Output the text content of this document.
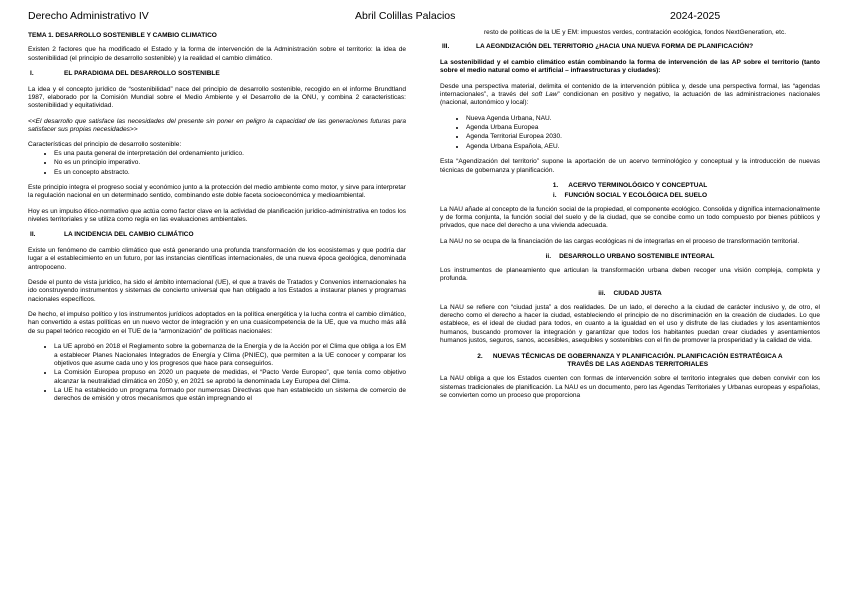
Derecho Administrativo IV	Abril Colillas Palacios	2024-2025
TEMA 1. DESARROLLO SOSTENIBLE Y CAMBIO CLIMATICO

Existen 2 factores que ha modificado el Estado y la forma de intervención de la Administración sobre el territorio: la idea de sostenibilidad (el principio de desarrollo sostenible) y la realidad el cambio climático.

I.	EL PARADIGMA DEL DESARROLLO SOSTENIBLE

La idea y el concepto jurídico de “sostenibilidad” nace del principio de desarrollo sostenible, recogido en el informe Brundtland 1987, elaborado por la Comisión Mundial sobre el Medio Ambiente y el Desarrollo de la ONU, y combina 2 caracteristicas: sostenibilidad y equitatividad.

<<El desarrollo que satisface las necesidades del presente sin poner en peligro la capacidad de las generaciones futuras para satisfacer sus propias necesidades>>

Características del principio de desarrollo sostenible:
• Es una pauta general de interpretación del ordenamiento jurídico.
• No es un principio imperativo.
• Es un concepto abstracto.

Este principio integra el progreso social y económico junto a la protección del medio ambiente como motor, y sirve para interpretar la regulación nacional en un determinado sentido, combinando este doble faceta socioeconómica y medioambiental.

Hoy es un impulso ético-normativo que actúa como factor clave en la actividad de planificación jurídico-administrativa en todos los niveles territoriales y se utiliza como regla en las evaluaciones ambientales.

II.	LA INCIDENCIA DEL CAMBIO CLIMÁTICO

Existe un fenómeno de cambio climático que está generando una profunda transformación de los ecosistemas y que podría dar lugar a el establecimiento en un futuro, por las instancias científicas internacionales, de una nueva época geológica, denominada antropoceno.

Desde el punto de vista jurídico, ha sido el ámbito internacional (UE), el que a través de Tratados y Convenios internacionales ha ido construyendo instrumentos y sistemas de concierto universal que han obligado a los Estados a instaurar planes y programas nacionales específicos.

De hecho, el impulso político y los instrumentos jurídicos adoptados en la política energética y la lucha contra el cambio climático, han convertido a estas políticas en un nuevo vector de integración y en una cuasicompetencia de la UE, que va mucho más allá de su papel teórico recogido en el TUE de la “armonización” de políticas nacionales:

• La UE aprobó en 2018 el Reglamento sobre la gobernanza de la Energía y de la Acción por el Clima que obliga a los EM a establecer Planes Nacionales Integrados de Energía y Clima (PNIEC), que permiten a la UE conocer y comparar los objetivos que asume cada uno y los progresos que hace para conseguirlos.
• La Comisión Europea propuso en 2020 un paquete de medidas, el “Pacto Verde Europeo”, que tenía como objetivo alcanzar la neutralidad climática en 2050 y, en 2021 se aprobó la denominada Ley Europea del Clima.
• La UE ha establecido un programa formado por numerosas Directivas que han establecido un sistema de comercio de derechos de emisión y otros mecanismos que están impregnando el
resto de políticas de la UE y EM: impuestos verdes, contratación ecológica, fondos NextGeneration, etc.
III.	LA AEGNDIZACIÓN DEL TERRITORIO ¿HACIA UNA NUEVA FORMA DE PLANIFICACIÓN?

La sostenibilidad y el cambio climático están combinando la forma de intervención de las AP sobre el territorio (tanto sobre el medio natural como el artificial – infraestructuras y ciudades):

Desde una perspectiva material, delimita el contenido de la intervención pública y, desde una perspectiva formal, las “agendas internacionales”, a través del soft Law” condicionan en positivo y negativo, la actuación de las administraciones nacionales (nacional, autonómico y local):

• Nueva Agenda Urbana, NAU.
• Agenda Urbana Europea
• Agenda Territorial Europea 2030.
• Agenda Urbana Española, AEU.

Esta “Agendización del territorio” supone la aportación de un acervo terminológico y conceptual y la introducción de nuevas técnicas de gobernanza y planificación.

1. ACERVO TERMINOLÓGICO Y CONCEPTUAL
i. FUNCIÓN SOCIAL Y ECOLÓGICA DEL SUELO

La NAU añade al concepto de la función social de la propiedad, el componente ecológico. Consolida y dignifica internacionalmente y de forma conjunta, la función social del suelo y de la ciudad, que se concibe como un todo compuesto por bienes públicos y privados, que nace del derecho a una vivienda adecuada.

La NAU no se ocupa de la financiación de las cargas ecológicas ni de integrarlas en el proceso de transformación territorial.

ii. DESARROLLO URBANO SOSTENIBLE INTEGRAL

Los instrumentos de planeamiento que articulan la transformación urbana deben recoger una visión compleja, completa y profunda.

iii. CIUDAD JUSTA

La NAU se refiere con “ciudad justa” a dos realidades. De un lado, el derecho a la ciudad de carácter inclusivo y, de otro, el derecho como el derecho a hacer la ciudad, estableciendo el principio de no discriminación en la creación de ciudades. Lo que establece, es el ideal de ciudad para todos, en cuanto a la igualdad en el uso y disfrute de las ciudades y los asentamientos humanos, buscando promover la integración y garantizar que todos los habitantes puedan crear ciudades y asentamientos humanos justos, seguros, sanos, accesibles, asequibles y sostenibles con el fin de promover la prosperidad y la calidad de vida.

2. NUEVAS TÉCNICAS DE GOBERNANZA Y PLANIFICACIÓN. PLANIFICACIÓN ESTRATÉGICA A TRAVÉS DE LAS AGENDAS TERRITORIALES

La NAU obliga a que los Estados cuenten con formas de intervención sobre el territorio integrales que deben convivir con los sistemas tradicionales de planificación. La NAU es un documento, pero las Agendas Territoriales y Urbanas europeas y españolas, se convierten como un proceso que proporciona
